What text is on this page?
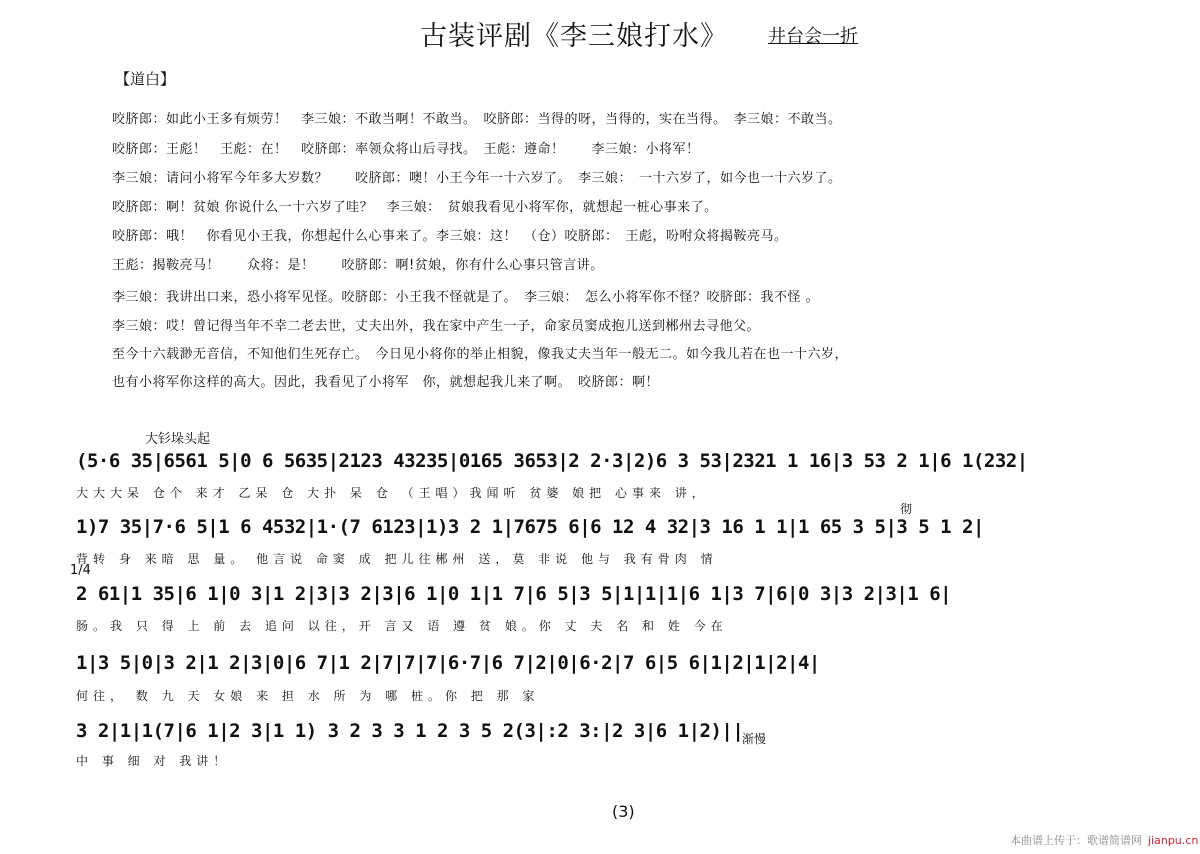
古装评剧《李三娘打水》 井台会一折
【道白】
咬脐郎：如此小王多有烦劳！　李三娘：不敢当啊！不敢当。　咬脐郎：当得的呀，当得的，实在当得。　李三娘：不敢当。
咬脐郎：王彪！　王彪：在！　咬脐郎：率领众将山后寻找。　王彪：遵命！　　李三娘：小将军！
李三娘：请问小将军今年多大岁数？　　咬脐郎：噢！小王今年一十六岁了。　李三娘：　一十六岁了，如今也一十六岁了。
咬脐郎：啊！贫娘 你说什么一十六岁了哇？　李三娘：　贫娘我看见小将军你，就想起一桩心事来了。
咬脐郎：哦！　你看见小王我，你想起什么心事来了。李三娘：这！　（仓）咬脐郎：　王彪，吩咐众将揭鞍亮马。
王彪：揭鞍亮马！　　众将：是！　　咬脐郎：啊!贫娘，你有什么心事只管言讲。
李三娘：我讲出口来，恐小将军见怪。咬脐郎：小王我不怪就是了。　李三娘：　怎么小将军你不怪？咬脐郎：我不怪 。
李三娘：哎！曾记得当年不幸二老去世，丈夫出外，我在家中产生一子，命家员窦成抱儿送到郴州去寻他父。
至今十六载渺无音信，不知他们生死存亡。　今日见小将你的举止相貌，像我丈夫当年一般无二。如今我儿若在也一十六岁，
也有小将军你这样的高大。因此，我看见了小将军　你，就想起我儿来了啊。　咬脐郎：啊！
大钐垛头起
1/4
渐慢
彻
(5·6 35|6561 5|0 6 5635|2123 43235|0165 3653|2 2·3|2)6 3 53|2321 1 16|3 53 2 1|6 1(232|
大大大呆 仓个 来才 乙呆 仓 大扑 呆 仓 （王唱）我闻听 贫婆 娘把 心事来 讲，
1)7 35|7·6 5|1 6 4532|1·(7 6123|1)3 2 1|7675 6|6 12 4 32|3 16 1 1|1 65 3 5|3 5 1 2|
背转 身 来暗 思 量。 他言说 命窦 成 把儿往郴州 送，莫 非说 他与 我有骨肉 情
2 61|1 35|6 1|0 3|1 2|3|3 2|3|6 1|0 1|1 7|6 5|3 5|1|1|1|6 1|3 7|6|0 3|3 2|3|1 6|
肠。我 只 得 上 前 去 追问 以往，开 言又 语 遵 贫 娘。你 丈 夫 名 和 姓 今在
1|3 5|0|3 2|1 2|3|0|6 7|1 2|7|7|7|6·7|6 7|2|0|6·2|7 6|5 6|1|2|1|2|4|
何往， 数 九 天 女娘 来 担 水 所 为 哪 桩。你 把 那 家
3 2|1|1(7|6 1|2 3|1 1) 3 2 3 3 1 2 3 5 2(3|:2 3:|2 3|6 1|2)||
中 事 细 对 我讲！
(3)
本曲谱上传于：歌谱简谱网 jianpu.cn
